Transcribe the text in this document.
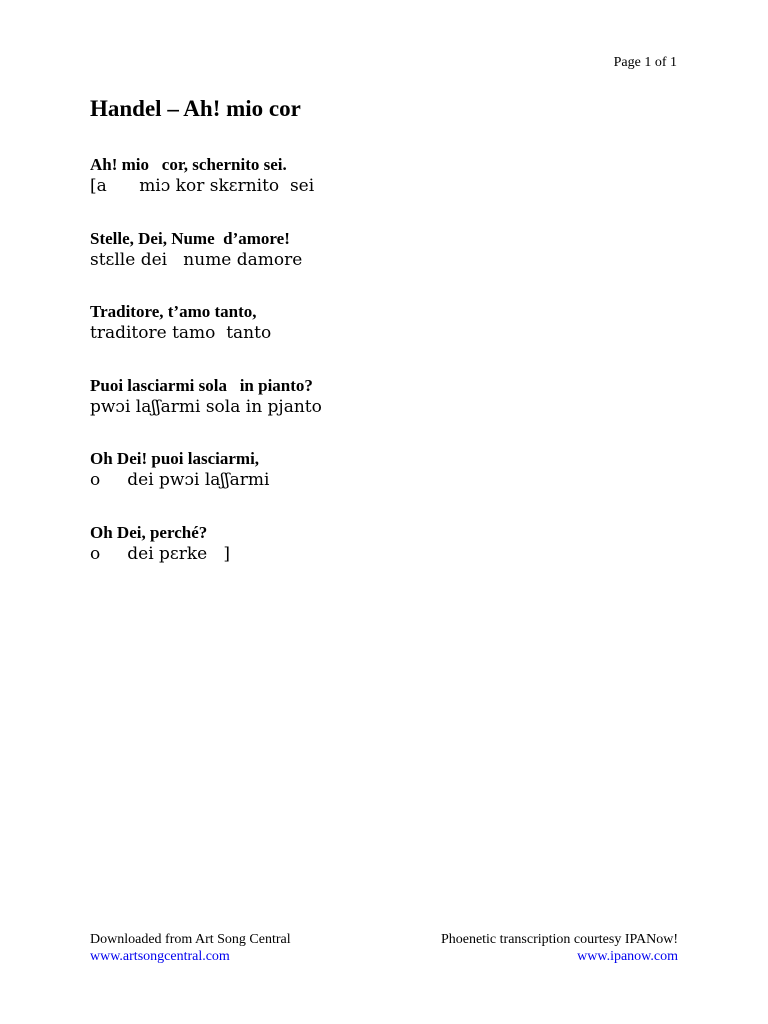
Page 1 of 1
Handel – Ah! mio cor
Ah! mio   cor, schernito sei.
[a      miɔ kor skɛrnito  sei
Stelle, Dei, Nume  d’amore!
stɛlle dei   nume damore
Traditore, t’amo tanto,
traditore tamo  tanto
Puoi lasciarmi sola   in pianto?
pwɔi laʃʃarmi sola in pjanto
Oh Dei! puoi lasciarmi,
o     dei pwɔi laʃʃarmi
Oh Dei, perché?
o     dei pɛrke   ]
Downloaded from Art Song Central	Phoenetic transcription courtesy IPANow!
www.artsongcentral.com	www.ipanow.com
